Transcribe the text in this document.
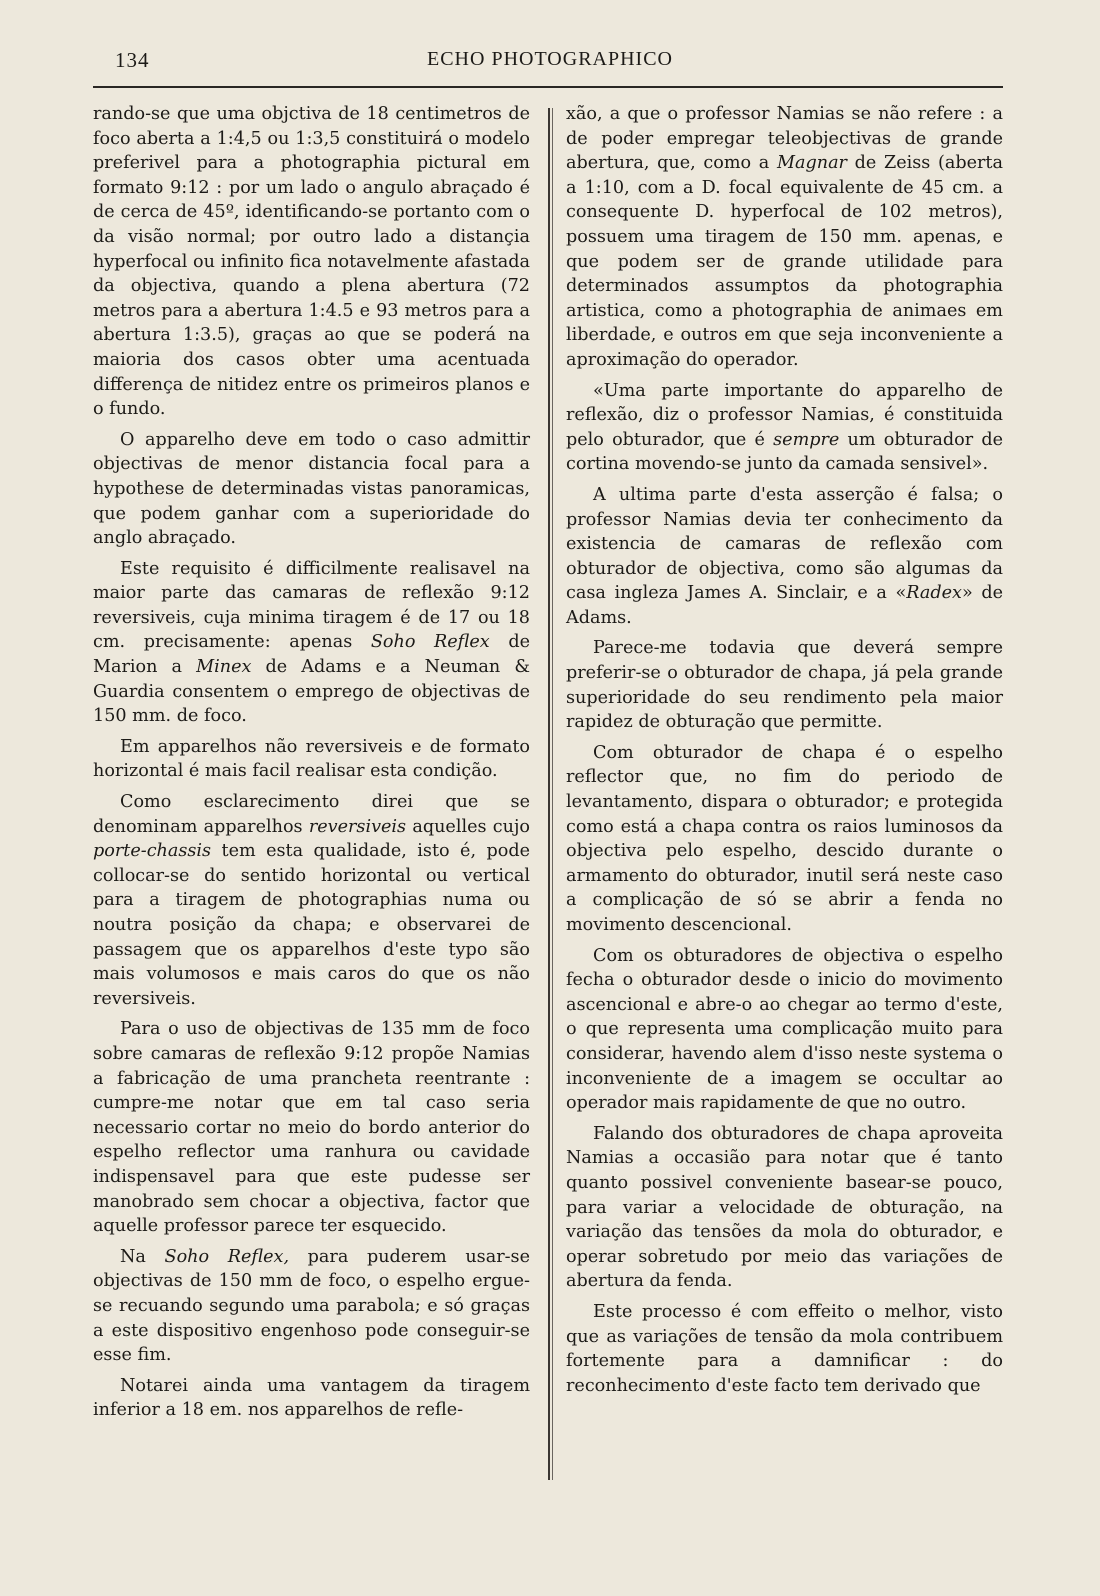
134	ECHO PHOTOGRAPHICO

rando-se que uma objctiva de 18 centimetros de foco aberta a 1:4,5 ou 1:3,5 constituirá o modelo preferivel para a photographia pictural em formato 9:12 : por um lado o angulo abraçado é de cerca de 45º, identificando-se portanto com o da visão normal; por outro lado a distançia hyperfocal ou infinito fica notavelmente afastada da objectiva, quando a plena abertura (72 metros para a abertura 1:4.5 e 93 metros para a abertura 1:3.5), graças ao que se poderá na maioria dos casos obter uma acentuada differença de nitidez entre os primeiros planos e o fundo.

O apparelho deve em todo o caso admittir objectivas de menor distancia focal para a hypothese de determinadas vistas panoramicas, que podem ganhar com a superioridade do anglo abraçado.

Este requisito é difficilmente realisavel na maior parte das camaras de reflexão 9:12 reversiveis, cuja minima tiragem é de 17 ou 18 cm. precisamente: apenas Soho Reflex de Marion a Minex de Adams e a Neuman & Guardia consentem o emprego de objectivas de 150 mm. de foco.

Em apparelhos não reversiveis e de formato horizontal é mais facil realisar esta condição.

Como esclarecimento direi que se denominam apparelhos reversiveis aquelles cujo porte-chassis tem esta qualidade, isto é, pode collocar-se do sentido horizontal ou vertical para a tiragem de photographias numa ou noutra posição da chapa; e observarei de passagem que os apparelhos d'este typo são mais volumosos e mais caros do que os não reversiveis.

Para o uso de objectivas de 135 mm de foco sobre camaras de reflexão 9:12 propõe Namias a fabricação de uma prancheta reentrante : cumpre-me notar que em tal caso seria necessario cortar no meio do bordo anterior do espelho reflector uma ranhura ou cavidade indispensavel para que este pudesse ser manobrado sem chocar a objectiva, factor que aquelle professor parece ter esquecido.

Na Soho Reflex, para puderem usar-se objectivas de 150 mm de foco, o espelho ergue-se recuando segundo uma parabola; e só graças a este dispositivo engenhoso pode conseguir-se esse fim.

Notarei ainda uma vantagem da tiragem inferior a 18 em. nos apparelhos de refle-

xão, a que o professor Namias se não refere : a de poder empregar teleobjectivas de grande abertura, que, como a Magnar de Zeiss (aberta a 1:10, com a D. focal equivalente de 45 cm. a consequente D. hyperfocal de 102 metros), possuem uma tiragem de 150 mm. apenas, e que podem ser de grande utilidade para determinados assumptos da photographia artistica, como a photographia de animaes em liberdade, e outros em que seja inconveniente a aproximação do operador.

«Uma parte importante do apparelho de reflexão, diz o professor Namias, é constituida pelo obturador, que é sempre um obturador de cortina movendo-se junto da camada sensivel».

A ultima parte d'esta asserção é falsa; o professor Namias devia ter conhecimento da existencia de camaras de reflexão com obturador de objectiva, como são algumas da casa ingleza James A. Sinclair, e a «Radex» de Adams.

Parece-me todavia que deverá sempre preferir-se o obturador de chapa, já pela grande superioridade do seu rendimento pela maior rapidez de obturação que permitte.

Com obturador de chapa é o espelho reflector que, no fim do periodo de levantamento, dispara o obturador; e protegida como está a chapa contra os raios luminosos da objectiva pelo espelho, descido durante o armamento do obturador, inutil será neste caso a complicação de só se abrir a fenda no movimento descencional.

Com os obturadores de objectiva o espelho fecha o obturador desde o inicio do movimento ascencional e abre-o ao chegar ao termo d'este, o que representa uma complicação muito para considerar, havendo alem d'isso neste systema o inconveniente de a imagem se occultar ao operador mais rapidamente de que no outro.

Falando dos obturadores de chapa aproveita Namias a occasião para notar que é tanto quanto possivel conveniente basear-se pouco, para variar a velocidade de obturação, na variação das tensões da mola do obturador, e operar sobretudo por meio das variações de abertura da fenda.

Este processo é com effeito o melhor, visto que as variações de tensão da mola contribuem fortemente para a damnificar : do reconhecimento d'este facto tem derivado que
